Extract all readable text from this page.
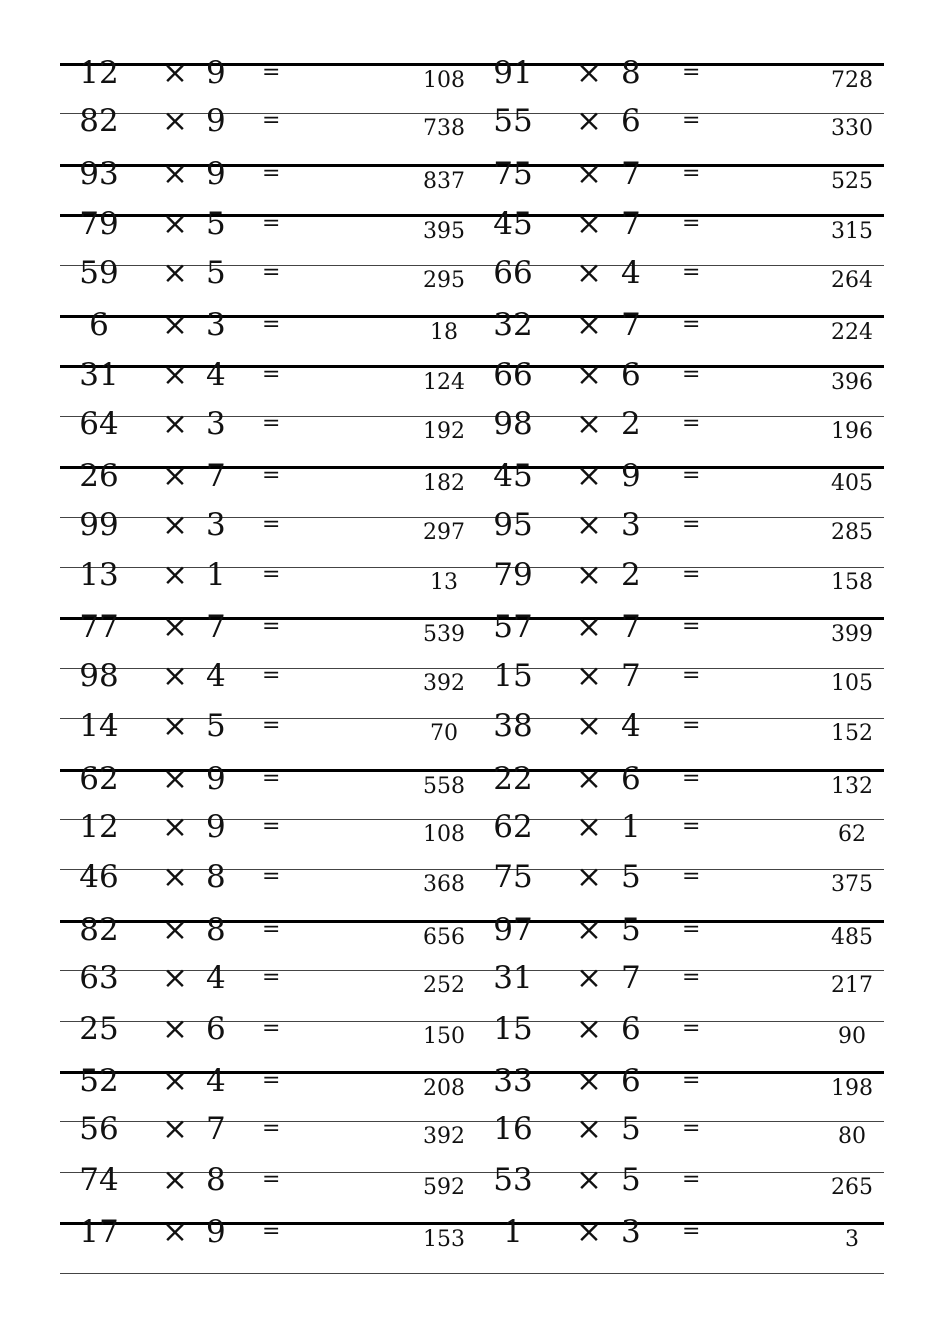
12 × 9 =	108 91 × 8 =	728
82 × 9 =	738 55 × 6 =	330
93 × 9 =	837 75 × 7 =	525
79 × 5 =	395 45 × 7 =	315
59 × 5 =	295 66 × 4 =	264
6	× 3 =	18	32 × 7 =	224
31 × 4 =	124 66 × 6 =	396
64 × 3 =	192 98 × 2 =	196
26 × 7 =	182 45 × 9 =	405
99 × 3 =	297 95 × 3 =	285
13 × 1 =	13	79 × 2 =	158
77 × 7 =	539 57 × 7 =	399
98 × 4 =	392 15 × 7 =	105
14 × 5 =	70	38 × 4 =	152
62 × 9 =	558 22 × 6 =	132
12 × 9 =	108 62 × 1 =	62
46 × 8 =	368 75 × 5 =	375
82 × 8 =	656 97 × 5 =	485
63 × 4 =	252 31 × 7 =	217
25 × 6 =	150 15 × 6 =	90
52 × 4 =	208 33 × 6 =	198
56 × 7 =	392 16 × 5 =	80
74 × 8 =	592 53 × 5 =	265
17 × 9 =	153	1	× 3 =	3
